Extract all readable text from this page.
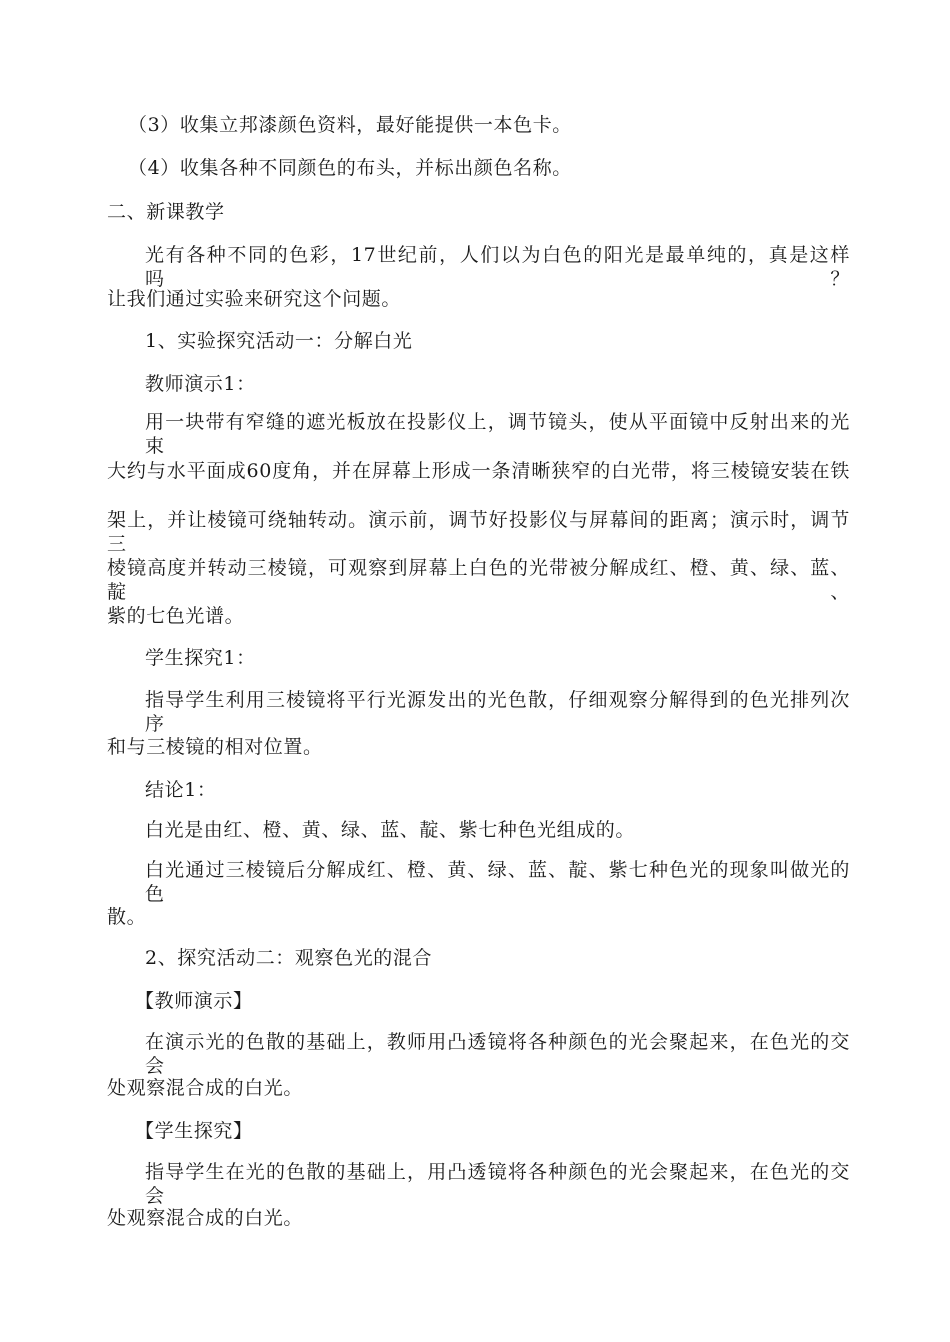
（3）收集立邦漆颜色资料，最好能提供一本色卡。
（4）收集各种不同颜色的布头，并标出颜色名称。
二、新课教学
光有各种不同的色彩，17世纪前，人们以为白色的阳光是最单纯的，真是这样吗？
让我们通过实验来研究这个问题。
1、实验探究活动一：分解白光
教师演示1：
用一块带有窄缝的遮光板放在投影仪上，调节镜头，使从平面镜中反射出来的光束
大约与水平面成60度角，并在屏幕上形成一条清晰狭窄的白光带，将三棱镜安装在铁
架上，并让棱镜可绕轴转动。演示前，调节好投影仪与屏幕间的距离；演示时，调节三
棱镜高度并转动三棱镜，可观察到屏幕上白色的光带被分解成红、橙、黄、绿、蓝、靛、
紫的七色光谱。
学生探究1：
指导学生利用三棱镜将平行光源发出的光色散，仔细观察分解得到的色光排列次序
和与三棱镜的相对位置。
结论1：
白光是由红、橙、黄、绿、蓝、靛、紫七种色光组成的。
白光通过三棱镜后分解成红、橙、黄、绿、蓝、靛、紫七种色光的现象叫做光的色
散。
2、探究活动二：观察色光的混合
【教师演示】
在演示光的色散的基础上，教师用凸透镜将各种颜色的光会聚起来，在色光的交会
处观察混合成的白光。
【学生探究】
指导学生在光的色散的基础上，用凸透镜将各种颜色的光会聚起来，在色光的交会
处观察混合成的白光。
